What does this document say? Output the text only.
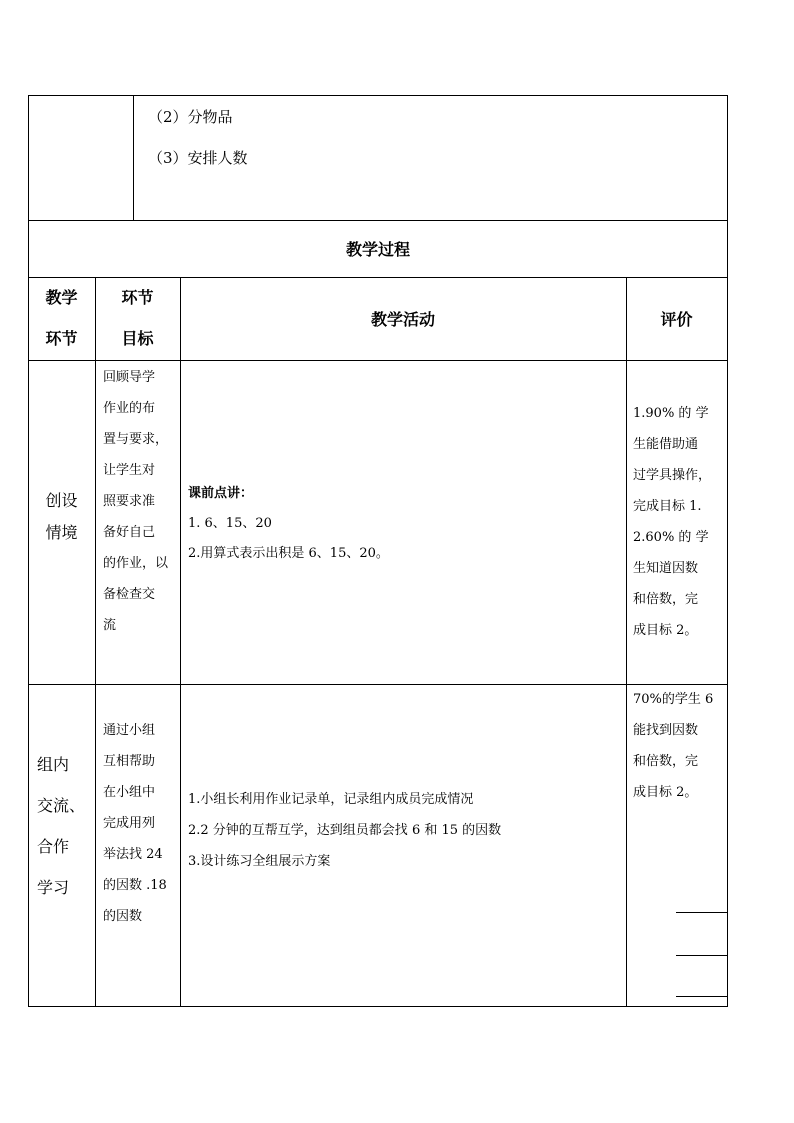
（2）分物品
（3）安排人数
教学过程
教学
环节
环节
目标
教学活动	评价
创设
情境
回顾导学
作业的布
置与要求，
让学生对
照要求准
备好自己
的作业，以
备检查交
流
课前点讲：
1. 6、15、20
2.用算式表示出积是 6、15、20。
1.90% 的 学
生能借助通
过学具操作，
完成目标 1.
2.60% 的 学
生知道因数
和倍数，完
成目标 2。
组内
交流、
合作
学习
通过小组
互相帮助
在小组中
完成用列
举法找 24
的因数 .18
的因数
1.小组长利用作业记录单，记录组内成员完成情况
2.2 分钟的互帮互学，达到组员都会找 6 和 15 的因数
3.设计练习全组展示方案
70%的学生 6
能找到因数
和倍数，完
成目标 2。
